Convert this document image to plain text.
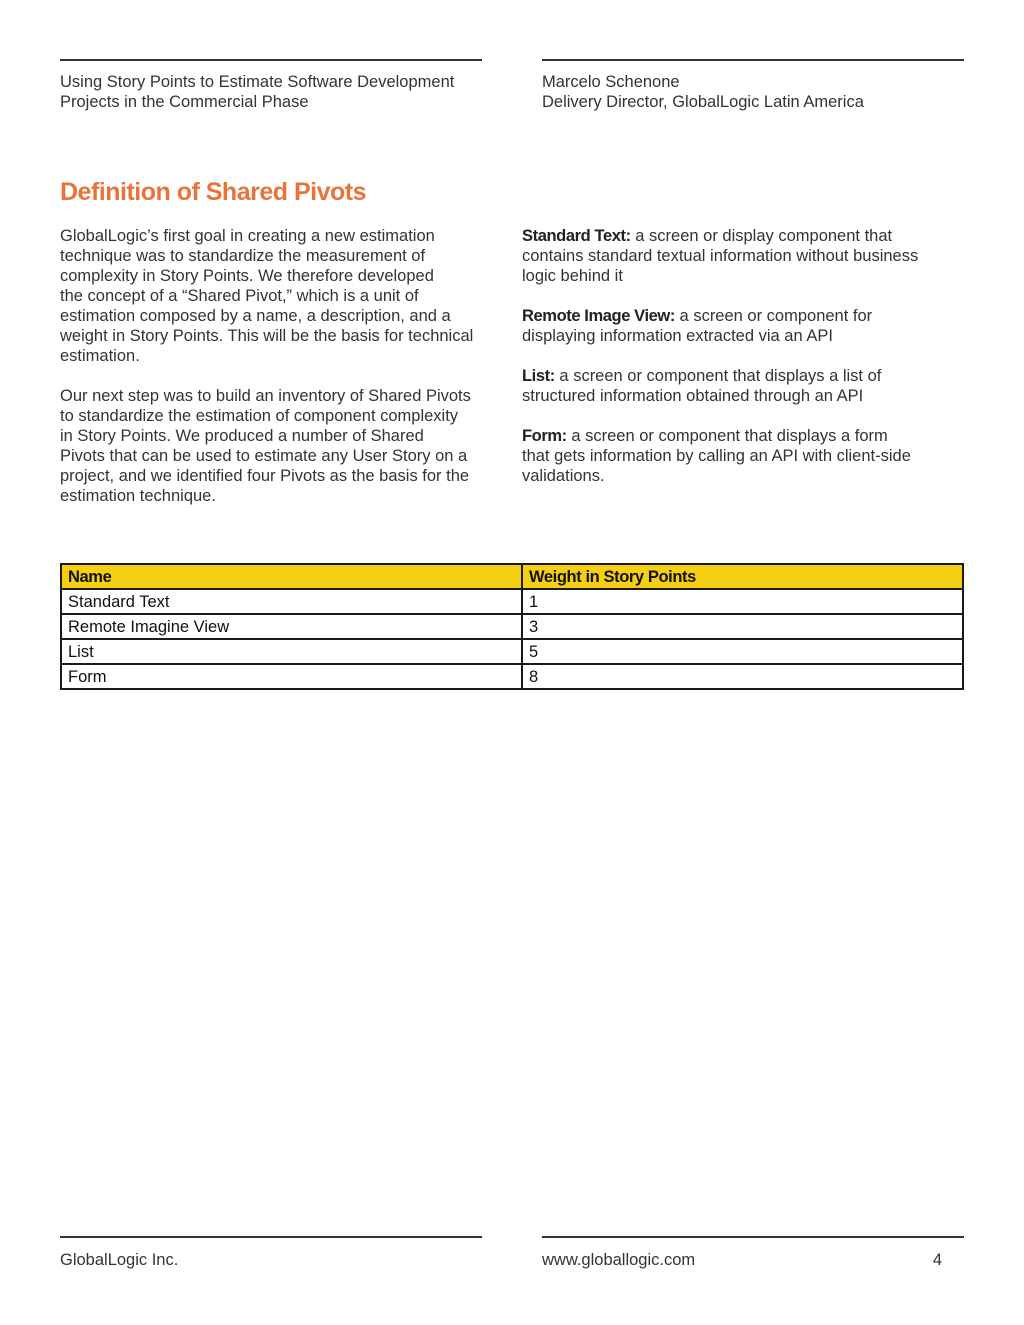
Using Story Points to Estimate Software Development
Projects in the Commercial Phase
Marcelo Schenone
Delivery Director, GlobalLogic Latin America
Definition of Shared Pivots

GlobalLogic’s first goal in creating a new estimation
technique was to standardize the measurement of
complexity in Story Points. We therefore developed
the concept of a “Shared Pivot,” which is a unit of
estimation composed by a name, a description, and a
weight in Story Points. This will be the basis for technical
estimation.

Our next step was to build an inventory of Shared Pivots
to standardize the estimation of component complexity
in Story Points. We produced a number of Shared
Pivots that can be used to estimate any User Story on a
project, and we identified four Pivots as the basis for the
estimation technique.

Standard Text: a screen or display component that
contains standard textual information without business
logic behind it

Remote Image View: a screen or component for
displaying information extracted via an API

List: a screen or component that displays a list of
structured information obtained through an API

Form: a screen or component that displays a form
that gets information by calling an API with client-side
validations.

Name	Weight in Story Points
Standard Text	1
Remote Imagine View	3
List	5
Form	8
GlobalLogic Inc.	www.globallogic.com	4
